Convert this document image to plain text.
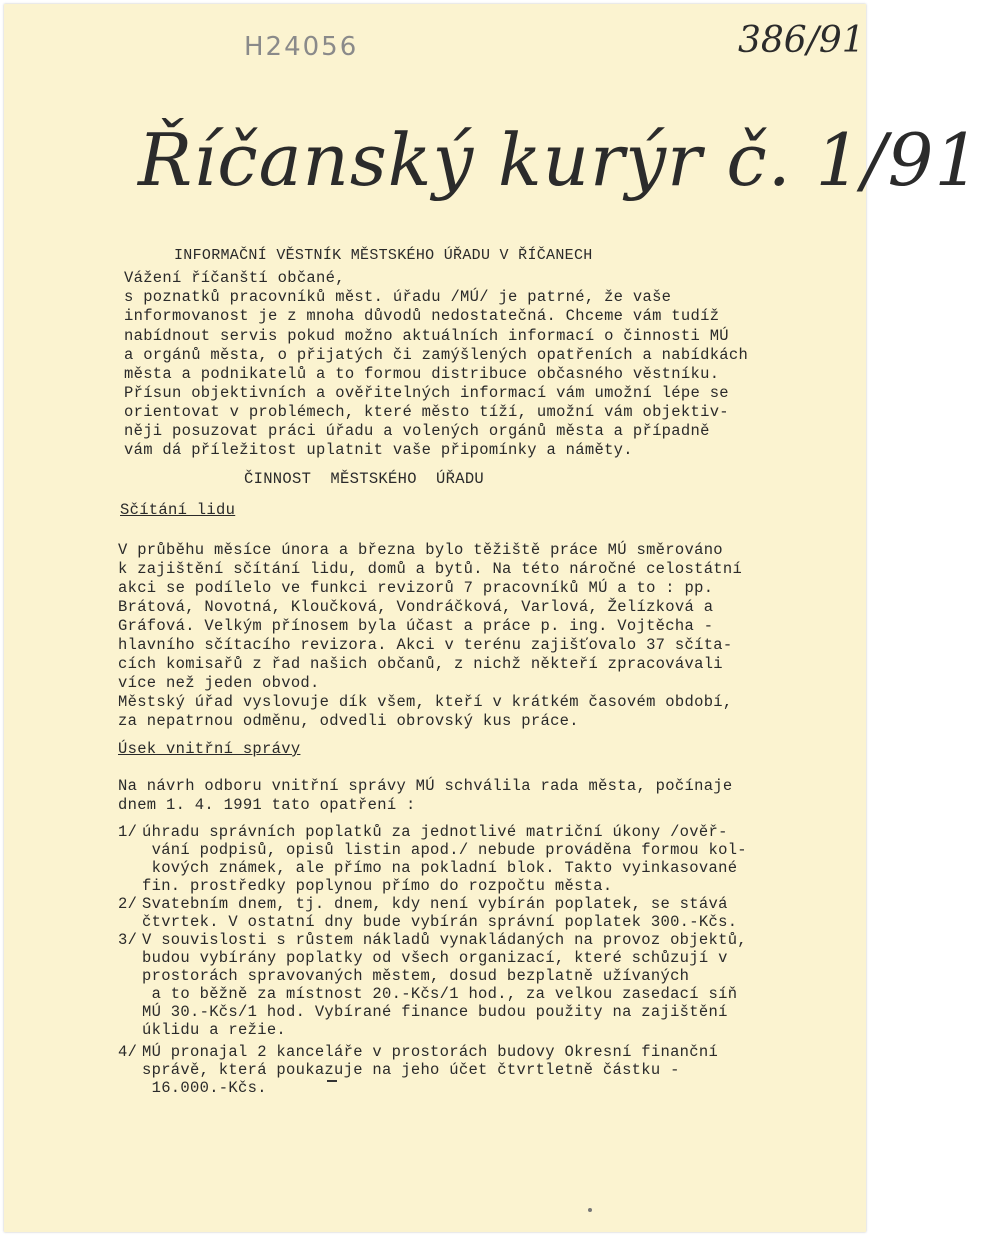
H24056	386/91
Říčanský kurýr č. 1/91
INFORMAČNÍ VĚSTNÍK MĚSTSKÉHO ÚŘADU V ŘÍČANECH
Vážení říčanští občané,
s poznatků pracovníků měst. úřadu /MÚ/ je patrné, že vaše
informovanost je z mnoha důvodů nedostatečná. Chceme vám tudíž
nabídnout servis pokud možno aktuálních informací o činnosti MÚ
a orgánů města, o přijatých či zamýšlených opatřeních a nabídkách
města a podnikatelů a to formou distribuce občasného věstníku.
Přísun objektivních a ověřitelných informací vám umožní lépe se
orientovat v problémech, které město tíží, umožní vám objektiv-
něji posuzovat práci úřadu a volených orgánů města a případně
vám dá příležitost uplatnit vaše připomínky a náměty.
ČINNOST  MĚSTSKÉHO  ÚŘADU
Sčítání lidu
V průběhu měsíce února a března bylo těžiště práce MÚ směrováno
k zajištění sčítání lidu, domů a bytů. Na této náročné celostátní
akci se podílelo ve funkci revizorů 7 pracovníků MÚ a to : pp.
Brátová, Novotná, Kloučková, Vondráčková, Varlová, Želízková a
Gráfová. Velkým přínosem byla účast a práce p. ing. Vojtěcha -
hlavního sčítacího revizora. Akci v terénu zajišťovalo 37 sčíta-
cích komisařů z řad našich občanů, z nichž někteří zpracovávali
více než jeden obvod.
Městský úřad vyslovuje dík všem, kteří v krátkém časovém období,
za nepatrnou odměnu, odvedli obrovský kus práce.
Úsek vnitřní správy
Na návrh odboru vnitřní správy MÚ schválila rada města, počínaje
dnem 1. 4. 1991 tato opatření :
1/ úhradu správních poplatků za jednotlivé matriční úkony /ověř-
vání podpisů, opisů listin apod./ nebude prováděna formou kol-
kových známek, ale přímo na pokladní blok. Takto vyinkasované
fin. prostředky poplynou přímo do rozpočtu města.
2/ Svatebním dnem, tj. dnem, kdy není vybírán poplatek, se stává
čtvrtek. V ostatní dny bude vybírán správní poplatek 300.-Kčs.
3/ V souvislosti s růstem nákladů vynakládaných na provoz objektů,
budou vybírány poplatky od všech organizací, které schůzují v
prostorách spravovaných městem, dosud bezplatně užívaných
a to běžně za místnost 20.-Kčs/1 hod., za velkou zasedací síň
MÚ 30.-Kčs/1 hod. Vybírané finance budou použity na zajištění
úklidu a režie.
4/ MÚ pronajal 2 kanceláře v prostorách budovy Okresní finanční
správě, která poukazuje na jeho účet čtvrtletně částku -
16.000.-Kčs.
